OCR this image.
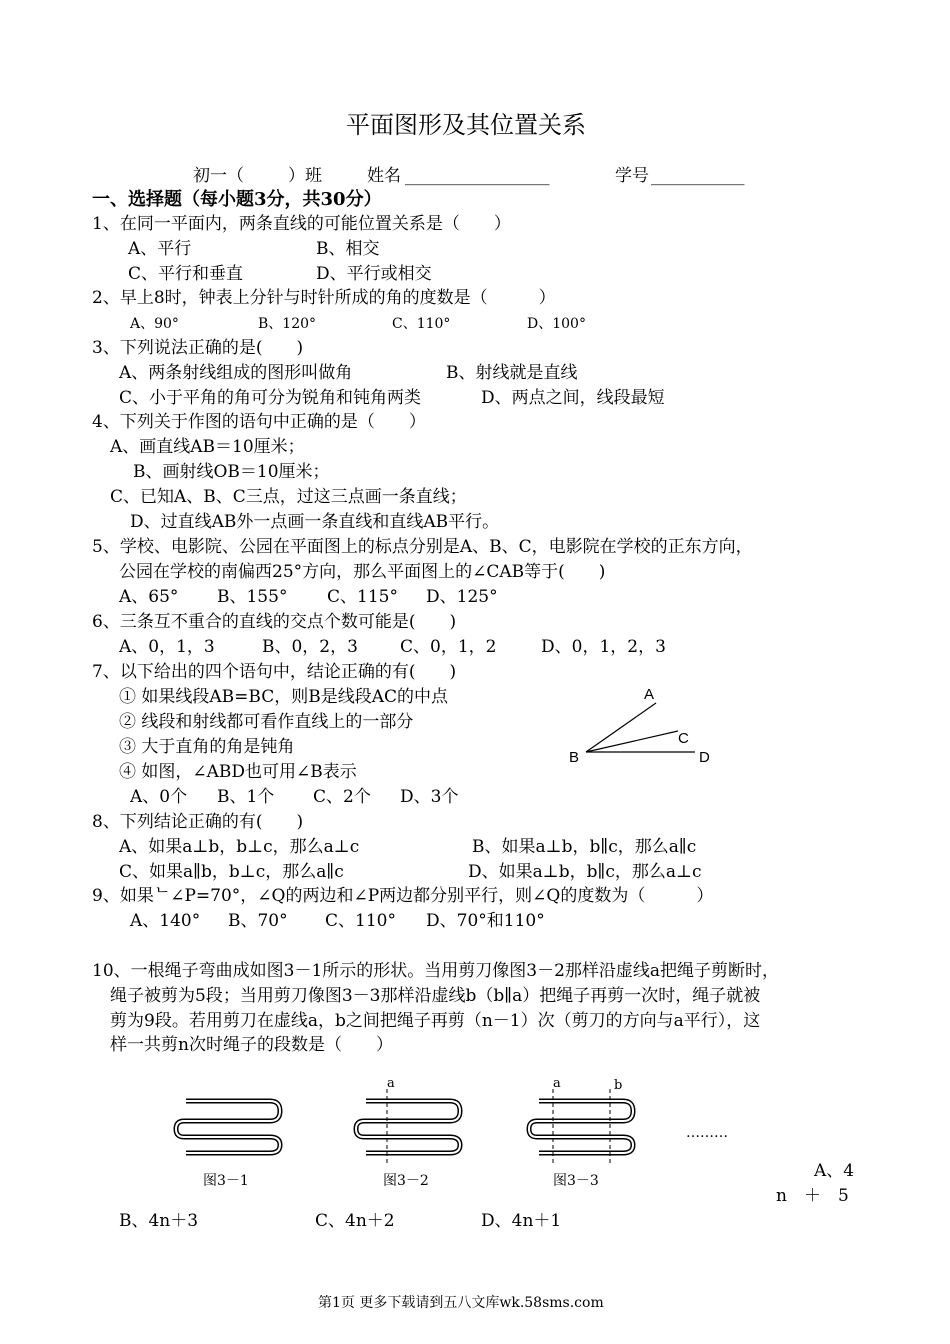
平面图形及其位置关系
初一（	）班	姓名 _________________	学号 ___________
一、选择题（每小题3分，共30分）
1、在同一平面内，两条直线的可能位置关系是（　　）
A、平行	B、相交
C、平行和垂直	D、平行或相交
2、早上8时，钟表上分针与时针所成的角的度数是（　　　）
A、90°	B、120°	C、110°	D、100°
3、下列说法正确的是(　　)
A、两条射线组成的图形叫做角	B、射线就是直线
C、小于平角的角可分为锐角和钝角两类	D、两点之间，线段最短
4、下列关于作图的语句中正确的是（　　）
A、画直线AB＝10厘米；
B、画射线OB＝10厘米；
C、已知A、B、C三点，过这三点画一条直线；
D、过直线AB外一点画一条直线和直线AB平行。
5、学校、电影院、公园在平面图上的标点分别是A、B、C，电影院在学校的正东方向，
公园在学校的南偏西25°方向，那么平面图上的∠CAB等于(　　)
A、65° B、155° C、115° D、125°
6、三条互不重合的直线的交点个数可能是(　　)
A、0，1，3	B、0，2，3 C、0，1，2	D、0，1，2，3
7、以下给出的四个语句中，结论正确的有(　　)
① 如果线段AB=BC，则B是线段AC的中点
② 线段和射线都可看作直线上的一部分
③ 大于直角的角是钝角
④ 如图，∠ABD也可用∠B表示
A、0个 B、1个 C、2个 D、3个
A
B
C
D
8、下列结论正确的有(　　)
A、如果a⊥b，b⊥c，那么a⊥c	B、如果a⊥b，b∥c，那么a∥c
C、如果a∥b，b⊥c，那么a∥c	D、如果a⊥b，b∥c，那么a⊥c
9、如果ᄂ∠P=70°，∠Q的两边和∠P两边都分别平行，则∠Q的度数为（　　　）
A、140° B、70° C、110° D、70°和110°
10、一根绳子弯曲成如图3－1所示的形状。当用剪刀像图3－2那样沿虚线a把绳子剪断时，
绳子被剪为5段；当用剪刀像图3－3那样沿虚线b（b∥a）把绳子再剪一次时，绳子就被
剪为9段。若用剪刀在虚线a，b之间把绳子再剪（n－1）次（剪刀的方向与a平行），这
样一共剪n次时绳子的段数是（　　）
图3－1
a
图3－2
a	b
图3－3
………
A、4
n　＋　5
B、4n＋3	C、4n＋2	D、4n＋1
第1页 更多下载请到五八文库wk.58sms.com
